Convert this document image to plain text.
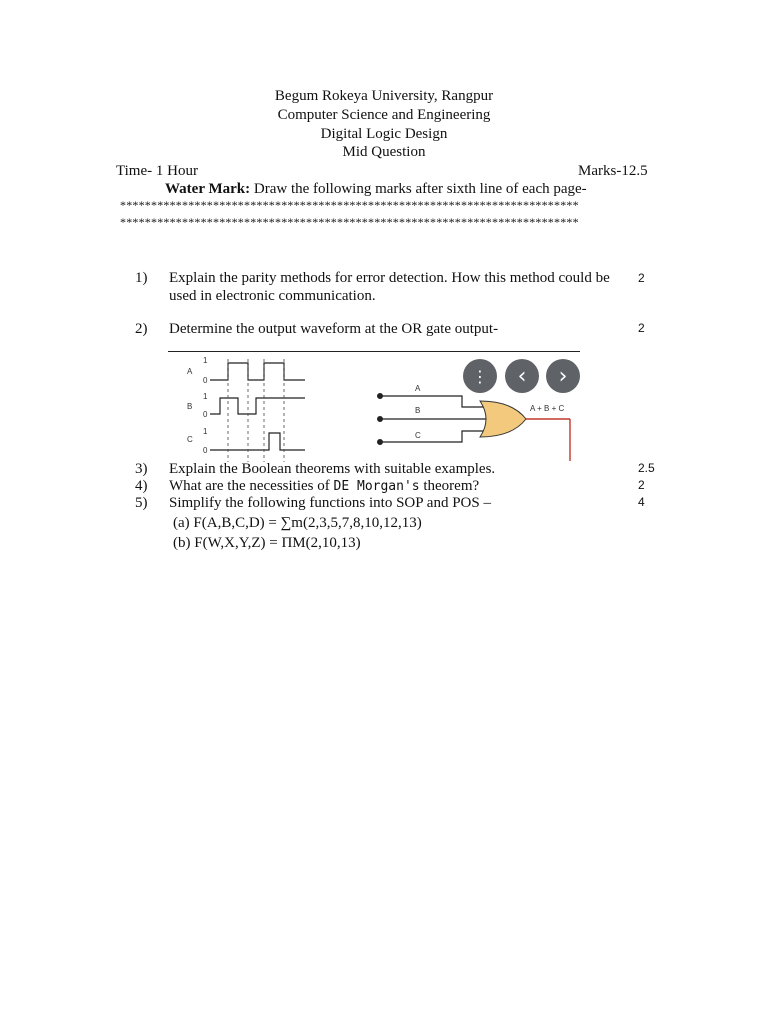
Begum Rokeya University, Rangpur
Computer Science and Engineering
Digital Logic Design
Mid Question
Time- 1 Hour	Marks-12.5
Water Mark: Draw the following marks after sixth line of each page-
**************************************************************************
**************************************************************************
1) Explain the parity methods for error detection. How this method could be
used in electronic communication.
2
2) Determine the output waveform at the OR gate output-	2
A
1
0
B
1
0
C
1
0
A
B
C
A + B + C
⋮ ‹ ›
3) Explain the Boolean theorems with suitable examples.	2.5
4) What are the necessities of DE Morgan's theorem?	2
5) Simplify the following functions into SOP and POS –	4
(a) F(A,B,C,D) = ∑m(2,3,5,7,8,10,12,13)
(b) F(W,X,Y,Z) = ΠM(2,10,13)
